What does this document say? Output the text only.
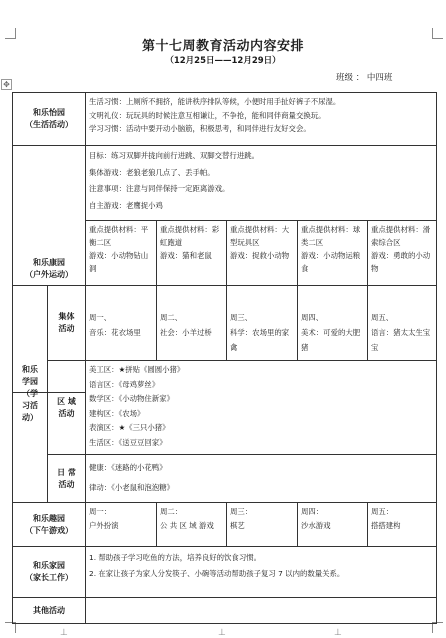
✥
⊥	⊥	⊥
第十七周教育活动内容安排
（12月25日——12月29日）
班级 ： 中四班
和乐怡园
（生活活动）
生活习惯：上厕所不拥挤，能讲秩序排队等候，小便时用手扯好裤子不尿湿。
文明礼仪：玩玩具的时候注意互相谦让，不争抢，能和同伴商量交换玩。
学习习惯：活动中要开动小脑筋，积极思考，和同伴进行友好交会。
和乐康园
（户外运动）
目标：练习双脚并拢向前行进跳、双脚交替行进跳。
集体游戏：老狼老狼几点了、丢手帕。
注意事项：注意与同伴保持一定距离游戏。
自主游戏：老鹰捉小鸡
重点提供材料：平衡二区
游戏：小动物钻山洞
重点提供材料：彩虹跑道
游戏：猫和老鼠
重点提供材料：大型玩具区
游戏：捉救小动物
重点提供材料：球类二区
游戏：小动物运粮食
重点提供材料：滑索综合区
游戏：勇敢的小动物
和乐
学园
（学
习活
动）
集体
活动
周一、
音乐：花衣场里
周二、
社会：小羊过桥
周三、
科学：农场里的家禽
周四、
美术：可爱的大肥猪
周五、
语言：猪太太生宝宝
区 域
活动
美工区：★拼贴《圆圆小猪》
语言区：《母鸡萝丝》
数学区：《小动物住新家》
建构区：《农场》
表演区：★《三只小猪》
生活区：《送豆豆回家》
日 常
活动
健康：《迷路的小花鸭》
律动：《小老鼠和泡泡糖》
和乐趣园
（下午游戏）
周一：
户外扮演
周二：
公 共 区 域 游戏
周三：
棋艺
周四：
沙水游戏
周五：
搭搭建构
和乐家园
（家长工作）
1. 帮助孩子学习吃鱼的方法，培养良好的饮食习惯。
2. 在家让孩子为家人分发筷子、小碗等活动帮助孩子复习 7 以内的数量关系。
其他活动
